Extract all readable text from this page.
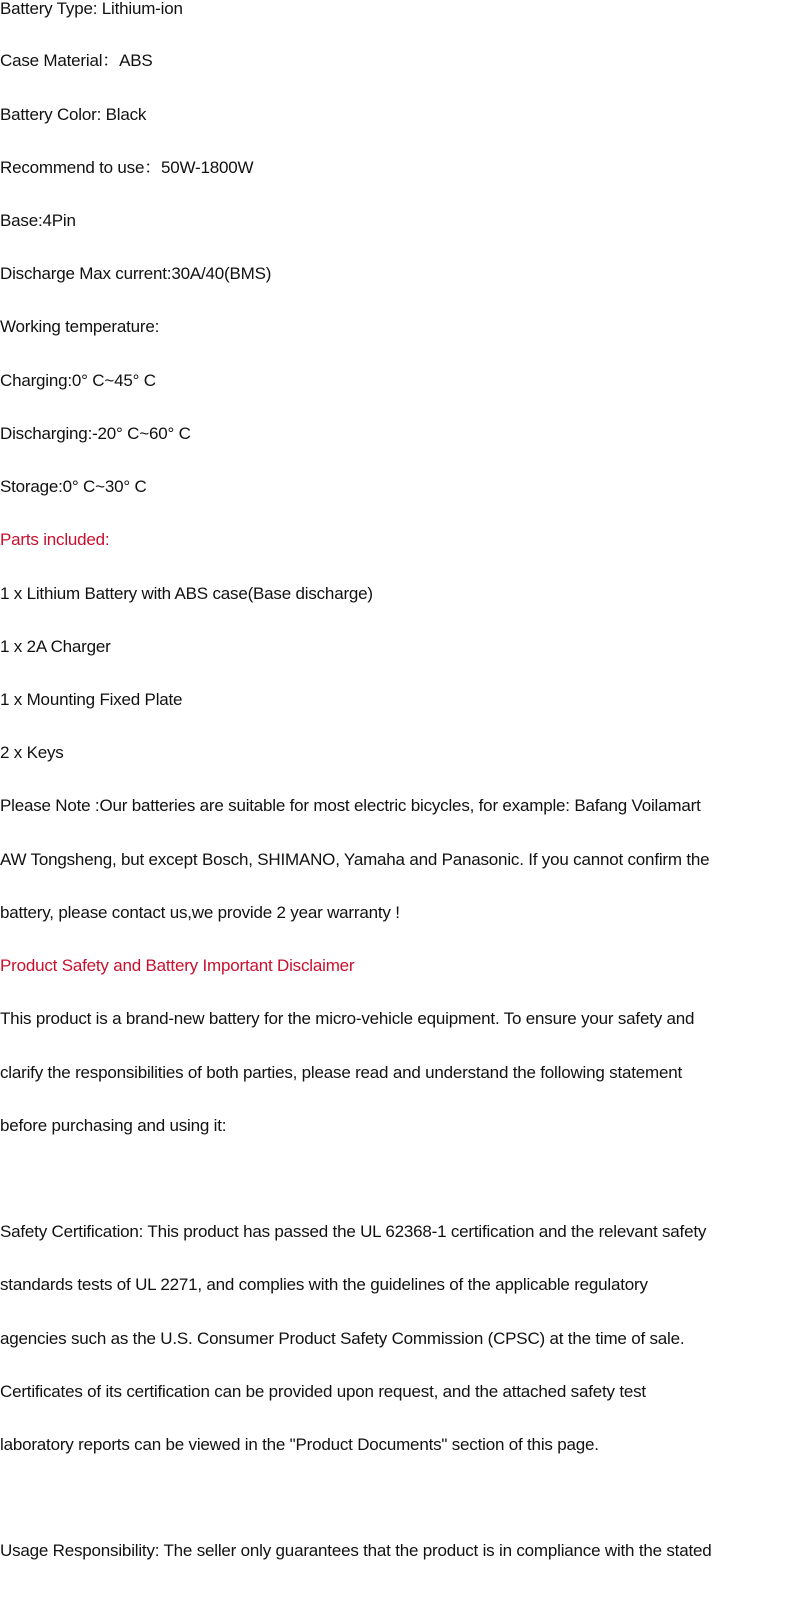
Battery Type: Lithium-ion
Case Material：ABS
Battery Color: Black
Recommend to use：50W-1800W
Base:4Pin
Discharge Max current:30A/40(BMS)
Working temperature:
Charging:0° C~45° C
Discharging:-20° C~60° C
Storage:0° C~30° C
Parts included:
1 x Lithium Battery with ABS case(Base discharge)
1 x 2A Charger
1 x Mounting Fixed Plate
2 x Keys
Please Note :Our batteries are suitable for most electric bicycles, for example: Bafang Voilamart
AW Tongsheng, but except Bosch, SHIMANO, Yamaha and Panasonic. If you cannot confirm the
battery, please contact us,we provide 2 year warranty !
Product Safety and Battery Important Disclaimer
This product is a brand-new battery for the micro-vehicle equipment. To ensure your safety and
clarify the responsibilities of both parties, please read and understand the following statement
before purchasing and using it:
Safety Certification: This product has passed the UL 62368-1 certification and the relevant safety
standards tests of UL 2271, and complies with the guidelines of the applicable regulatory
agencies such as the U.S. Consumer Product Safety Commission (CPSC) at the time of sale.
Certificates of its certification can be provided upon request, and the attached safety test
laboratory reports can be viewed in the "Product Documents" section of this page.
Usage Responsibility: The seller only guarantees that the product is in compliance with the stated
